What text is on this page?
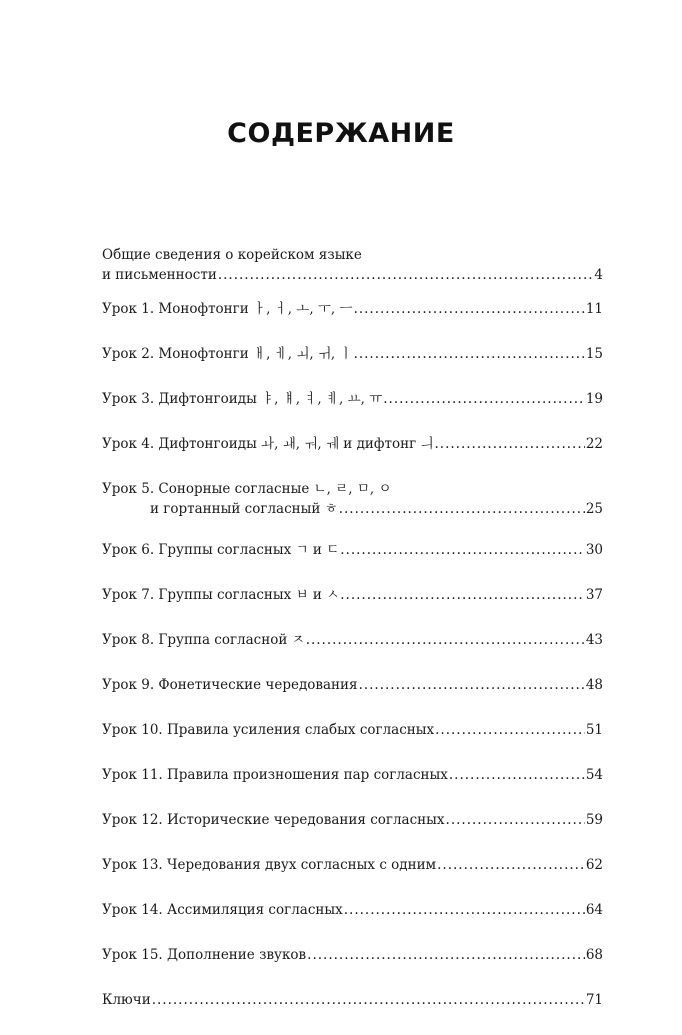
СОДЕРЖАНИЕ
Общие сведения о корейском языке
и письменности .....	4
Урок 1. Монофтонги ㅏ, ㅓ, ㅗ, ㅜ, ㅡ .....	11
Урок 2. Монофтонги ㅐ, ㅔ, ㅚ, ㅟ, ㅣ .....	15
Урок 3. Дифтонгоиды ㅑ, ㅒ, ㅕ, ㅖ, ㅛ, ㅠ .....	19
Урок 4. Дифтонгоиды ㅘ, ㅙ, ㅝ, ㅞ и дифтонг ㅢ .....	22
Урок 5. Сонорные согласные ㄴ, ㄹ, ㅁ, ㅇ
и гортанный согласный ㅎ .....	25
Урок 6. Группы согласных ㄱ и ㄷ .....	30
Урок 7. Группы согласных ㅂ и ㅅ .....	37
Урок 8. Группа согласной ㅈ .....	43
Урок 9. Фонетические чередования .....	48
Урок 10. Правила усиления слабых согласных .....	51
Урок 11. Правила произношения пар согласных .....	54
Урок 12. Исторические чередования согласных .....	59
Урок 13. Чередования двух согласных с одним .....	62
Урок 14. Ассимиляция согласных .....	64
Урок 15. Дополнение звуков .....	68
Ключи .....	71
